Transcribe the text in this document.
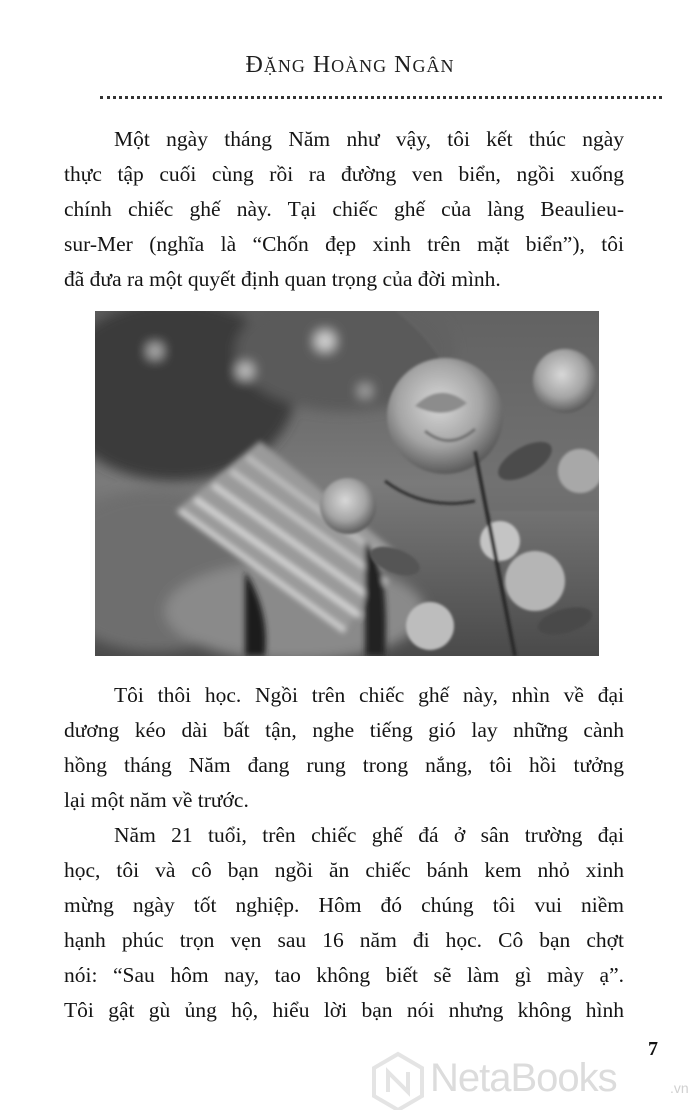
ĐẶNG HOÀNG NGÂN
Một ngày tháng Năm như vậy, tôi kết thúc ngày
thực tập cuối cùng rồi ra đường ven biển, ngồi xuống
chính chiếc ghế này. Tại chiếc ghế của làng Beaulieu-
sur-Mer (nghĩa là “Chốn đẹp xinh trên mặt biển”), tôi
đã đưa ra một quyết định quan trọng của đời mình.
Tôi thôi học. Ngồi trên chiếc ghế này, nhìn về đại
dương kéo dài bất tận, nghe tiếng gió lay những cành
hồng tháng Năm đang rung trong nắng, tôi hồi tưởng
lại một năm về trước.
Năm 21 tuổi, trên chiếc ghế đá ở sân trường đại
học, tôi và cô bạn ngồi ăn chiếc bánh kem nhỏ xinh
mừng ngày tốt nghiệp. Hôm đó chúng tôi vui niềm
hạnh phúc trọn vẹn sau 16 năm đi học. Cô bạn chợt
nói: “Sau hôm nay, tao không biết sẽ làm gì mày ạ”.
Tôi gật gù ủng hộ, hiểu lời bạn nói nhưng không hình
7
NetaBooks	.vn
